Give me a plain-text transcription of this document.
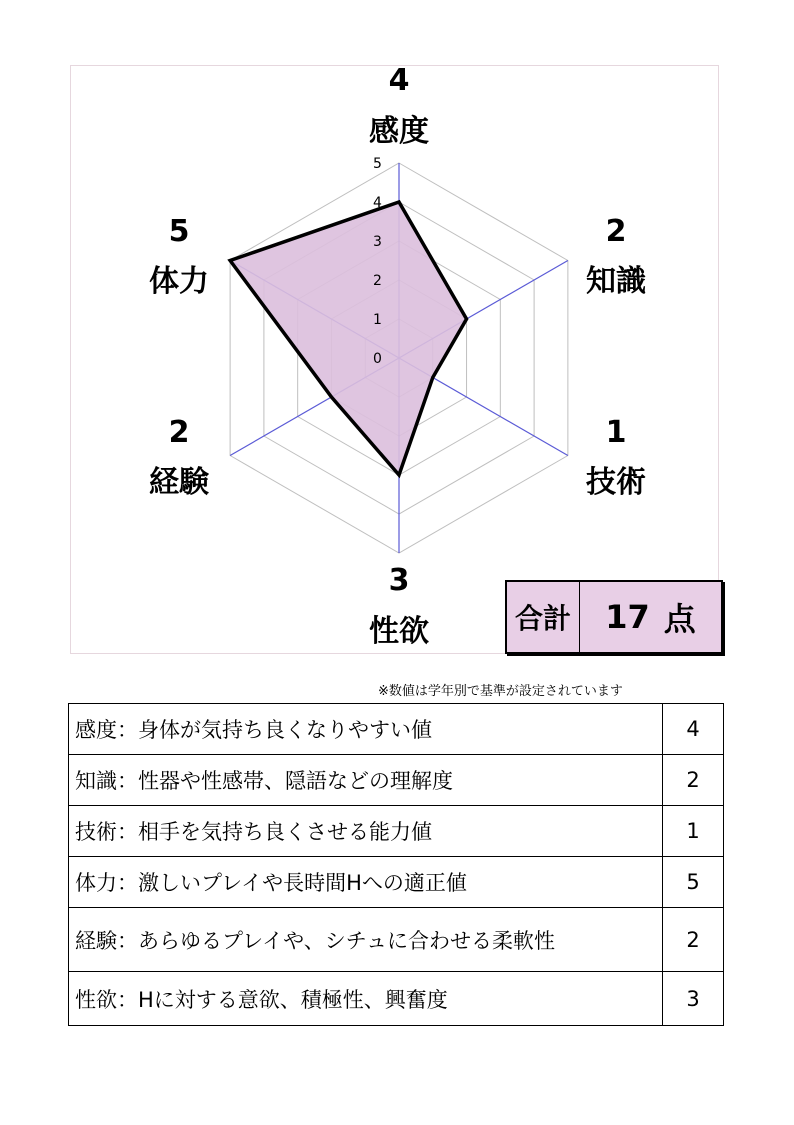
0
1
2
3
4
5
4
感度
2
知識
1
技術
3
性欲
2
経験
5
体力
合計 17 点
※数値は学年別で基準が設定されています
感度：身体が気持ち良くなりやすい値	4
知識：性器や性感帯、隠語などの理解度	2
技術：相手を気持ち良くさせる能力値	1
体力：激しいプレイや長時間Hへの適正値	5
経験：あらゆるプレイや、シチュに合わせる柔軟性	2
性欲：Hに対する意欲、積極性、興奮度	3
